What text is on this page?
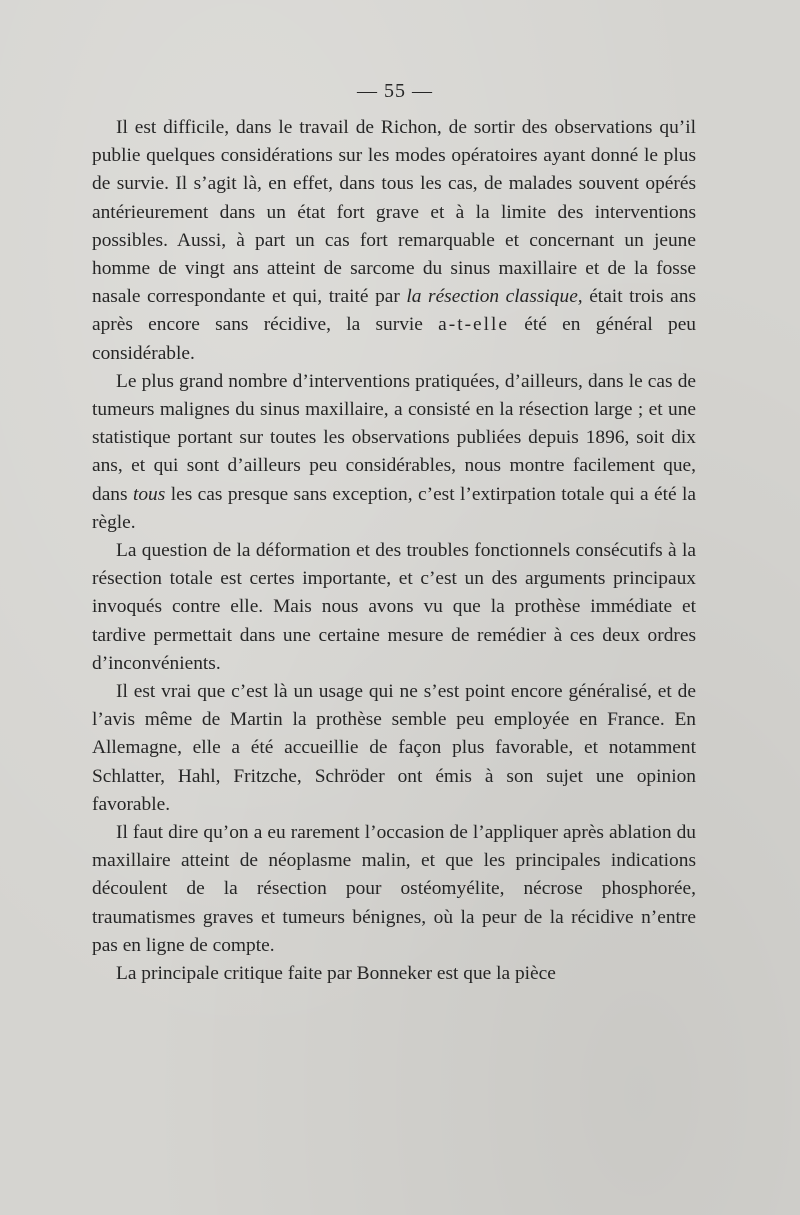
— 55 —

Il est difficile, dans le travail de Richon, de sortir des observations qu’il publie quelques considérations sur les modes opératoires ayant donné le plus de survie. Il s’agit là, en effet, dans tous les cas, de malades souvent opérés antérieurement dans un état fort grave et à la limite des interventions possibles. Aussi, à part un cas fort remarquable et concernant un jeune homme de vingt ans atteint de sarcome du sinus maxillaire et de la fosse nasale correspondante et qui, traité par la résection classique, était trois ans après encore sans récidive, la survie a-t-elle été en général peu considérable.

Le plus grand nombre d’interventions pratiquées, d’ailleurs, dans le cas de tumeurs malignes du sinus maxillaire, a consisté en la résection large ; et une statistique portant sur toutes les observations publiées depuis 1896, soit dix ans, et qui sont d’ailleurs peu considérables, nous montre facilement que, dans tous les cas presque sans exception, c’est l’extirpation totale qui a été la règle.

La question de la déformation et des troubles fonctionnels consécutifs à la résection totale est certes importante, et c’est un des arguments principaux invoqués contre elle. Mais nous avons vu que la prothèse immédiate et tardive permettait dans une certaine mesure de remédier à ces deux ordres d’inconvénients.

Il est vrai que c’est là un usage qui ne s’est point encore généralisé, et de l’avis même de Martin la prothèse semble peu employée en France. En Allemagne, elle a été accueillie de façon plus favorable, et notamment Schlatter, Hahl, Fritzche, Schröder ont émis à son sujet une opinion favorable.

Il faut dire qu’on a eu rarement l’occasion de l’appliquer après ablation du maxillaire atteint de néoplasme malin, et que les principales indications découlent de la résection pour ostéomyélite, nécrose phosphorée, traumatismes graves et tumeurs bénignes, où la peur de la récidive n’entre pas en ligne de compte.

La principale critique faite par Bonneker est que la pièce
